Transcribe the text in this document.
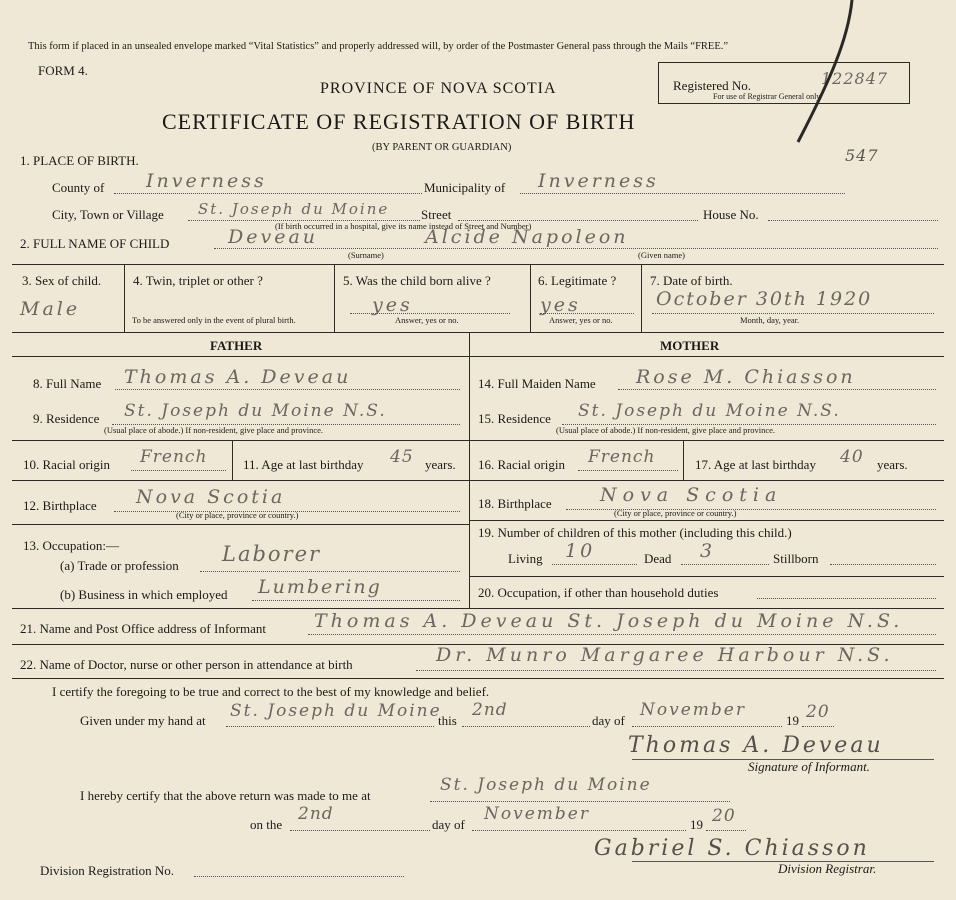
This form if placed in an unsealed envelope marked “Vital Statistics” and properly addressed will, by order of the Postmaster General pass through the Mails “FREE.”
FORM 4.
Registered No.	122847
For use of Registrar General only.
PROVINCE OF NOVA SCOTIA
CERTIFICATE OF REGISTRATION OF BIRTH
(BY PARENT OR GUARDIAN)	547
1. PLACE OF BIRTH.
County of Inverness	Municipality of Inverness
City, Town or Village St. Joseph du Moine Street
(If birth occurred in a hospital, give its name instead of Street and Number)
House No.
2. FULL NAME OF CHILD	Deveau	Alcide Napoleon
(Surname)	(Given name)
3. Sex of child.
Male
4. Twin, triplet or other ?
To be answered only in the event of plural birth.
5. Was the child born alive ?
yes
Answer, yes or no.
6. Legitimate ?
yes
Answer, yes or no.
7. Date of birth.
October 30th 1920
Month, day, year.
FATHER	MOTHER
8. Full Name Thomas A. Deveau
9. Residence St. Joseph du Moine N.S.
(Usual place of abode.) If non-resident, give place and province.
10. Racial origin French	11. Age at last birthday 45 years.
12. Birthplace Nova Scotia
(City or place, province or country.)
13. Occupation:—
(a) Trade or profession Laborer
(b) Business in which employed Lumbering
14. Full Maiden Name Rose M. Chiasson
15. Residence St. Joseph du Moine N.S.
(Usual place of abode.) If non-resident, give place and province.
16. Racial origin French	17. Age at last birthday 40 years.
18. Birthplace	Nova Scotia
(City or place, province or country.)
19. Number of children of this mother (including this child.)
Living 10	Dead 3	Stillborn
20. Occupation, if other than household duties
21. Name and Post Office address of Informant	Thomas A. Deveau St. Joseph du Moine N.S.
22. Name of Doctor, nurse or other person in attendance at birth	Dr. Munro Margaree Harbour N.S.
I certify the foregoing to be true and correct to the best of my knowledge and belief.
Given under my hand at St. Joseph du Moine
this
2nd
day of
November
19 20
Thomas A. Deveau
Signature of Informant.
I hereby certify that the above return was made to me at
St. Joseph du Moine
on the
2nd
day of
November
19 20
Division Registration No.
Gabriel S. Chiasson
Division Registrar.
